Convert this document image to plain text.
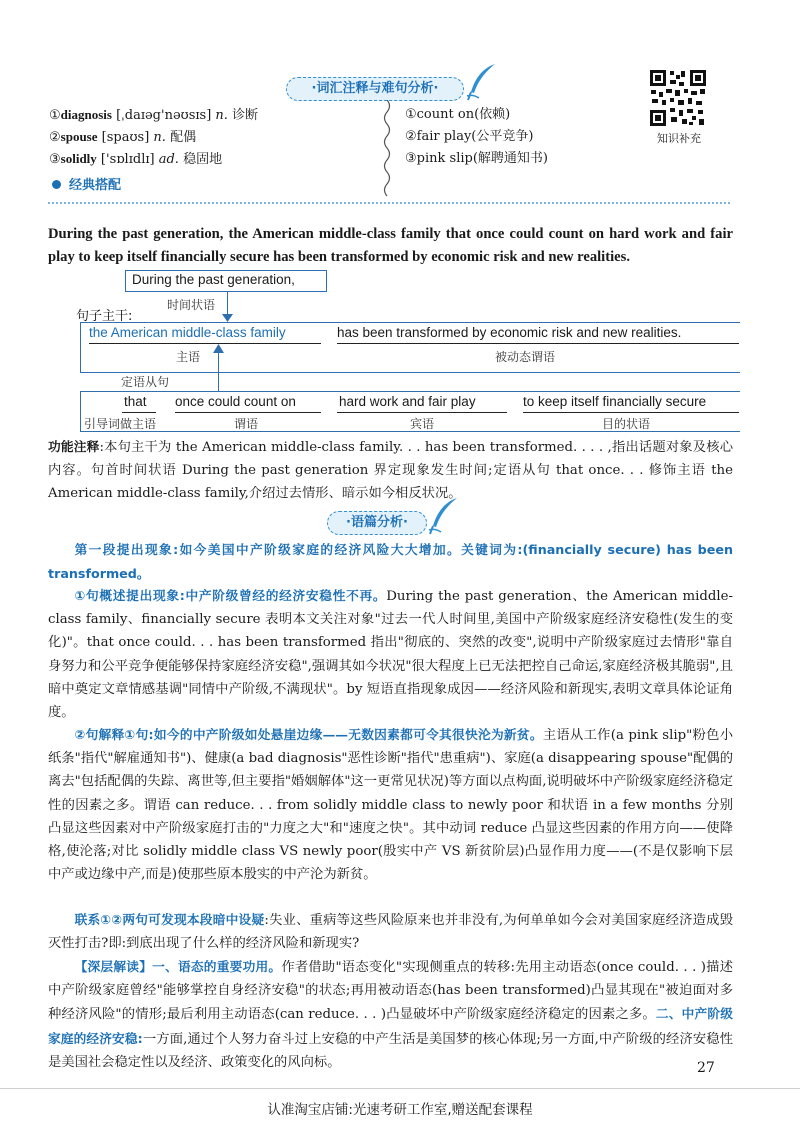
·词汇注释与难句分析·
知识补充
①diagnosis [ˌdaɪəg'nəʊsɪs] n. 诊断
②spouse [spaʊs] n. 配偶
③solidly ['sɒlɪdlɪ] ad. 稳固地
①count on(依赖)
②fair play(公平竞争)
③pink slip(解聘通知书)
经典搭配
During the past generation, the American middle-class family that once could count on hard work and fair play to keep itself financially secure has been transformed by economic risk and new realities.
During the past generation,
时间状语
句子主干:
the American middle-class family	has been transformed by economic risk and new realities.
主语	被动态谓语
定语从句
that once could count on	hard work and fair play	to keep itself financially secure
引导词做主语	谓语	宾语	目的状语
功能注释:本句主干为 the American middle-class family. . . has been transformed. . . . ,指出话题对象及核心内容。句首时间状语 During the past generation 界定现象发生时间;定语从句 that once. . . 修饰主语 the American middle-class family,介绍过去情形、暗示如今相反状况。
·语篇分析·
第一段提出现象:如今美国中产阶级家庭的经济风险大大增加。关键词为:(financially secure) has been transformed。
①句概述提出现象:中产阶级曾经的经济安稳性不再。During the past generation、the American middle-class family、financially secure 表明本文关注对象"过去一代人时间里,美国中产阶级家庭经济安稳性(发生的变化)"。that once could. . . has been transformed 指出"彻底的、突然的改变",说明中产阶级家庭过去情形"靠自身努力和公平竞争便能够保持家庭经济安稳",强调其如今状况"很大程度上已无法把控自己命运,家庭经济极其脆弱",且暗中奠定文章情感基调"同情中产阶级,不满现状"。by 短语直指现象成因——经济风险和新现实,表明文章具体论证角度。
②句解释①句:如今的中产阶级如处悬崖边缘——无数因素都可令其很快沦为新贫。主语从工作(a pink slip"粉色小纸条"指代"解雇通知书")、健康(a bad diagnosis"恶性诊断"指代"患重病")、家庭(a disappearing spouse"配偶的离去"包括配偶的失踪、离世等,但主要指"婚姻解体"这一更常见状况)等方面以点构面,说明破坏中产阶级家庭经济稳定性的因素之多。谓语 can reduce. . . from solidly middle class to newly poor 和状语 in a few months 分别凸显这些因素对中产阶级家庭打击的"力度之大"和"速度之快"。其中动词 reduce 凸显这些因素的作用方向——使降格,使沦落;对比 solidly middle class VS newly poor(殷实中产 VS 新贫阶层)凸显作用力度——(不是仅影响下层中产或边缘中产,而是)使那些原本殷实的中产沦为新贫。
联系①②两句可发现本段暗中设疑:失业、重病等这些风险原来也并非没有,为何单单如今会对美国家庭经济造成毁灭性打击?即:到底出现了什么样的经济风险和新现实?
【深层解读】一、语态的重要功用。作者借助"语态变化"实现侧重点的转移:先用主动语态(once could. . . )描述中产阶级家庭曾经"能够掌控自身经济安稳"的状态;再用被动语态(has been transformed)凸显其现在"被迫面对多种经济风险"的情形;最后利用主动语态(can reduce. . . )凸显破坏中产阶级家庭经济稳定的因素之多。二、中产阶级家庭的经济安稳:一方面,通过个人努力奋斗过上安稳的中产生活是美国梦的核心体现;另一方面,中产阶级的经济安稳性是美国社会稳定性以及经济、政策变化的风向标。	27
认准淘宝店铺:光速考研工作室,赠送配套课程
